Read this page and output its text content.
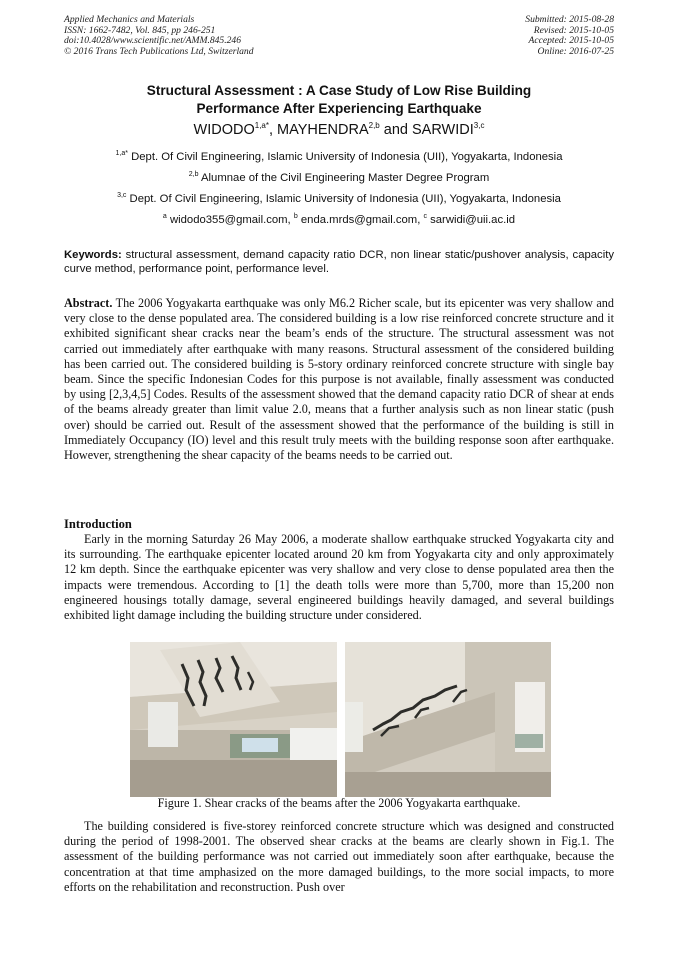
Applied Mechanics and Materials
ISSN: 1662-7482, Vol. 845, pp 246-251
doi:10.4028/www.scientific.net/AMM.845.246
© 2016 Trans Tech Publications Ltd, Switzerland
Submitted: 2015-08-28
Revised: 2015-10-05
Accepted: 2015-10-05
Online: 2016-07-25
Structural Assessment : A Case Study of Low Rise Building
Performance After Experiencing Earthquake
$WIDODO^{1,a*}$, MAYHENDRA$^{2,b}$ and SARWIDI$^{3,c}$
$^{1,a*}$ Dept. Of Civil Engineering, Islamic University of Indonesia (UII), Yogyakarta, Indonesia
$^{2,b}$ Alumnae of the Civil Engineering Master Degree Program
$^{3,c}$ Dept. Of Civil Engineering, Islamic University of Indonesia (UII), Yogyakarta, Indonesia
$^a$ widodo355@gmail.com, $^b$ enda.mrds@gmail.com, $^c$ sarwidi@uii.ac.id
Keywords: structural assessment, demand capacity ratio DCR, non linear static/pushover analysis, capacity curve method, performance point, performance level.
Abstract. The 2006 Yogyakarta earthquake was only M6.2 Richer scale, but its epicenter was very shallow and very close to the dense populated area. The considered building is a low rise reinforced concrete structure and it exhibited significant shear cracks near the beam’s ends of the structure. The structural assessment was not carried out immediately after earthquake with many reasons. Structural assessment of the considered building has been carried out. The considered building is 5-story ordinary reinforced concrete structure with single bay beam. Since the specific Indonesian Codes for this purpose is not available, finally assessment was conducted by using [2,3,4,5] Codes. Results of the assessment showed that the demand capacity ratio DCR of shear at ends of the beams already greater than limit value 2.0, means that a further analysis such as non linear static (push over) should be carried out. Result of the assessment showed that the performance of the building is still in Immediately Occupancy (IO) level and this result truly meets with the building response soon after earthquake. However, strengthening the shear capacity of the beams needs to be carried out.
Introduction
Early in the morning Saturday 26 May 2006, a moderate shallow earthquake strucked Yogyakarta city and its surrounding. The earthquake epicenter located around 20 km from Yogyakarta city and only approximately 12 km depth. Since the earthquake epicenter was very shallow and very close to dense populated area then the impacts were tremendous. According to [1] the death tolls were more than 5,700, more than 15,200 non engineered housings totally damage, several engineered buildings heavily damaged, and several buildings exhibited light damage including the building structure under considered.
Figure 1. Shear cracks of the beams after the 2006 Yogyakarta earthquake.
The building considered is five-storey reinforced concrete structure which was designed and constructed during the period of 1998-2001. The observed shear cracks at the beams are clearly shown in Fig.1. The assessment of the building performance was not carried out immediately soon after earthquake, because the concentration at that time amphasized on the more damaged buildings, to the more social impacts, to more efforts on the rehabilitation and reconstruction. Push over
